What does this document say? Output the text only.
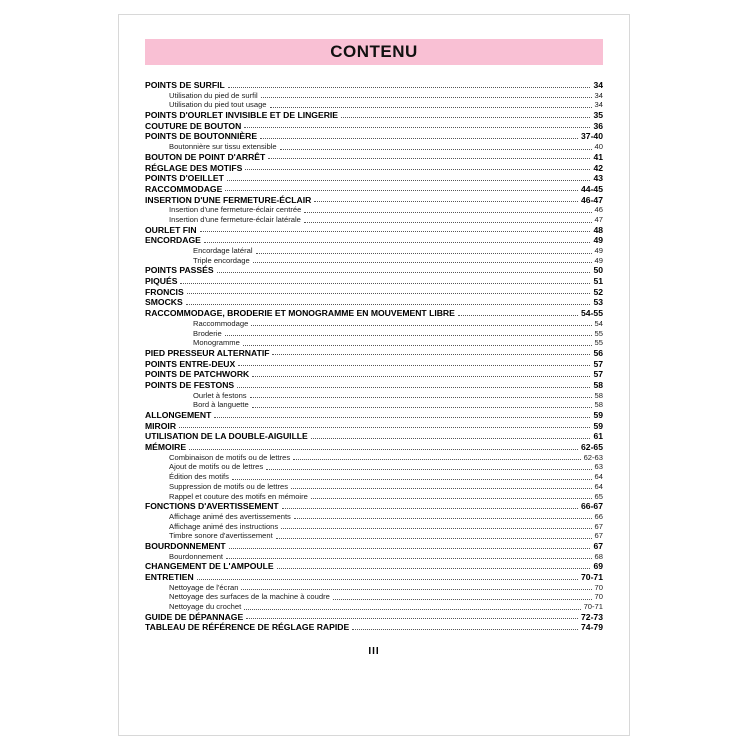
CONTENU
POINTS DE SURFIL	34
Utilisation du pied de surfil	34
Utilisation du pied tout usage	34
POINTS D'OURLET INVISIBLE ET DE LINGERIE	35
COUTURE DE BOUTON	36
POINTS DE BOUTONNIÈRE	37-40
Boutonnière sur tissu extensible	40
BOUTON DE POINT D'ARRÊT	41
RÉGLAGE DES MOTIFS	42
POINTS D'OEILLET	43
RACCOMMODAGE	44-45
INSERTION D'UNE FERMETURE-ÉCLAIR	46-47
Insertion d'une fermeture-éclair centrée	46
Insertion d'une fermeture-éclair latérale	47
OURLET FIN	48
ENCORDAGE	49
Encordage latéral	49
Triple encordage	49
POINTS PASSÉS	50
PIQUÉS	51
FRONCIS	52
SMOCKS	53
RACCOMMODAGE, BRODERIE ET MONOGRAMME EN MOUVEMENT LIBRE	54-55
Raccommodage	54
Broderie	55
Monogramme	55
PIED PRESSEUR ALTERNATIF	56
POINTS ENTRE-DEUX	57
POINTS DE PATCHWORK	57
POINTS DE FESTONS	58
Ourlet à festons	58
Bord à languette	58
ALLONGEMENT	59
MIROIR	59
UTILISATION DE LA DOUBLE-AIGUILLE	61
MÉMOIRE	62-65
Combinaison de motifs ou de lettres	62-63
Ajout de motifs ou de lettres	63
Édition des motifs	64
Suppression de motifs ou de lettres	64
Rappel et couture des motifs en mémoire	65
FONCTIONS D'AVERTISSEMENT	66-67
Affichage animé des avertissements	66
Affichage animé des instructions	67
Timbre sonore d'avertissement	67
BOURDONNEMENT	67
Bourdonnement	68
CHANGEMENT DE L'AMPOULE	69
ENTRETIEN	70-71
Nettoyage de l'écran	70
Nettoyage des surfaces de la machine à coudre	70
Nettoyage du crochet	70-71
GUIDE DE DÉPANNAGE	72-73
TABLEAU DE RÉFÉRENCE DE RÉGLAGE RAPIDE	74-79
III
